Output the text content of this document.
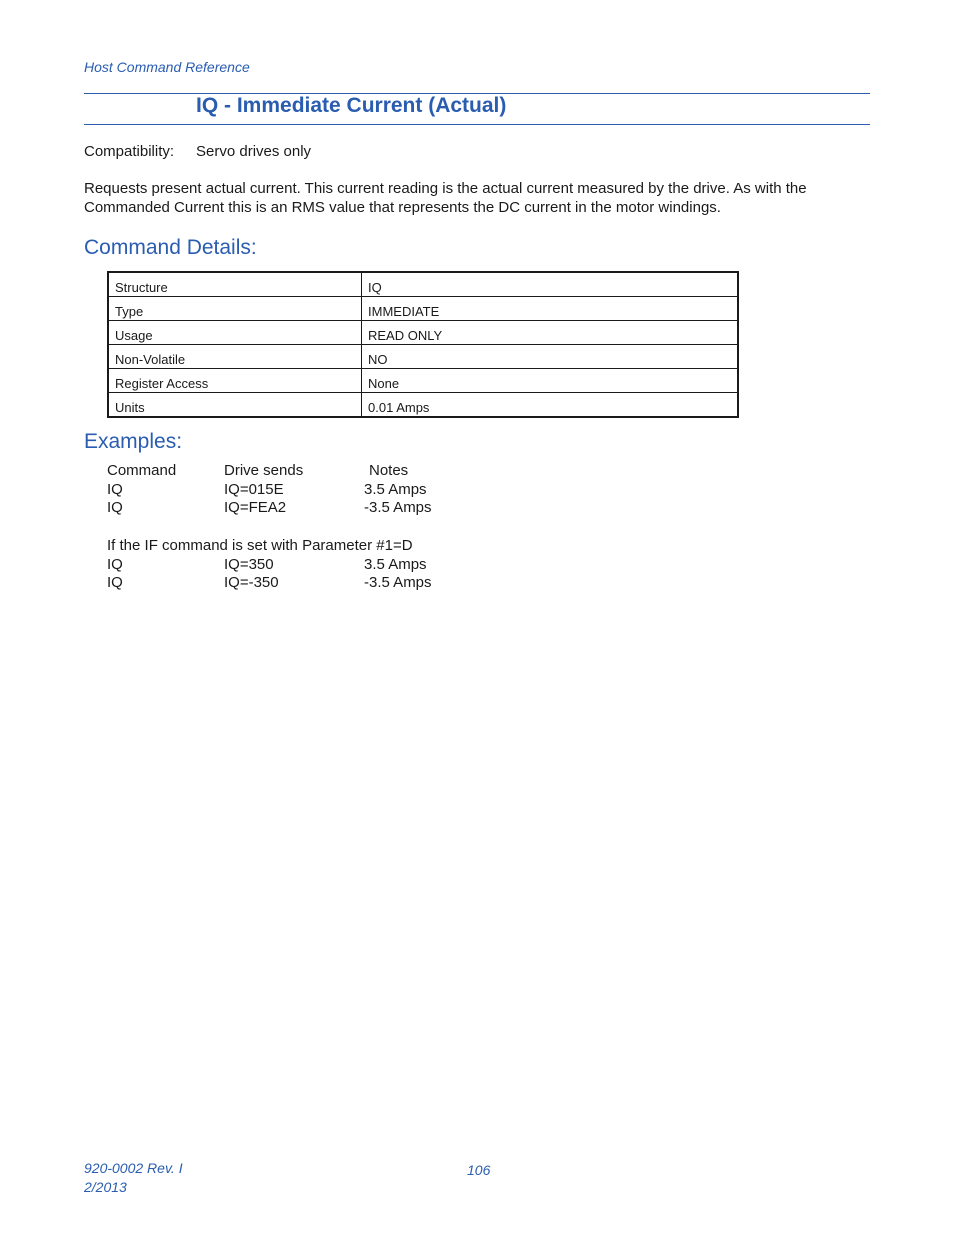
Host Command Reference
IQ - Immediate Current (Actual)
Compatibility: Servo drives only
Requests present actual current. This current reading is the actual current measured by the drive. As with the
Commanded Current this is an RMS value that represents the DC current in the motor windings.
Command Details:
Structure	IQ
Type	IMMEDIATE
Usage	READ ONLY
Non-Volatile	NO
Register Access	None
Units	0.01 Amps
Examples:
Command	Drive sends	Notes
IQ	IQ=015E	3.5 Amps
IQ	IQ=FEA2	-3.5 Amps
If the IF command is set with Parameter #1=D
IQ	IQ=350	3.5 Amps
IQ	IQ=-350	-3.5 Amps
920-0002 Rev. I
2/2013
106
